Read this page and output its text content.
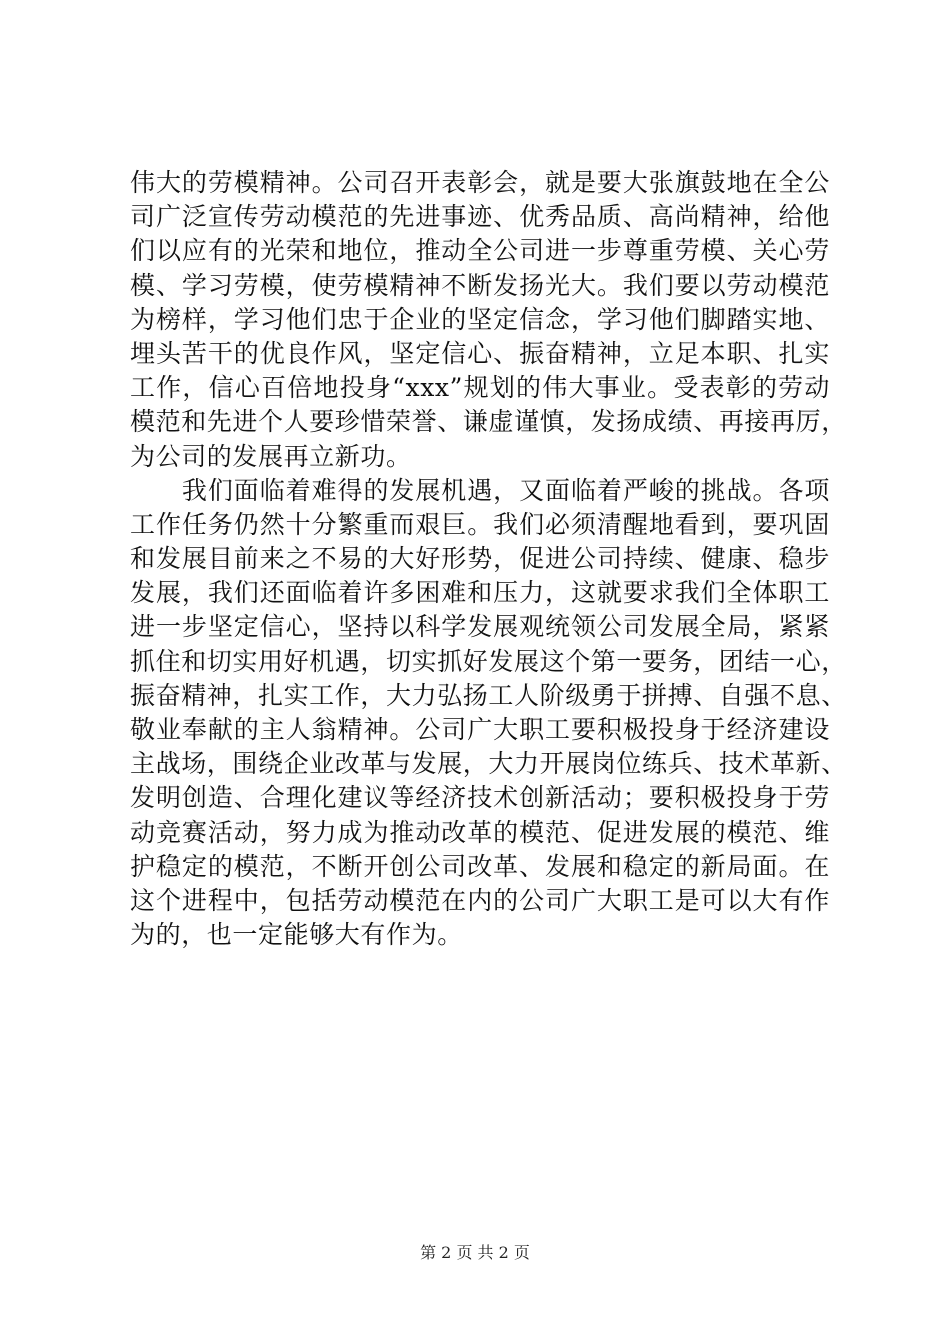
伟大的劳模精神。公司召开表彰会，就是要大张旗鼓地在全公
司广泛宣传劳动模范的先进事迹、优秀品质、高尚精神，给他
们以应有的光荣和地位，推动全公司进一步尊重劳模、关心劳
模、学习劳模，使劳模精神不断发扬光大。我们要以劳动模范
为榜样，学习他们忠于企业的坚定信念，学习他们脚踏实地、
埋头苦干的优良作风，坚定信心、振奋精神，立足本职、扎实
工作，信心百倍地投身“xxx”规划的伟大事业。受表彰的劳动
模范和先进个人要珍惜荣誉、谦虚谨慎，发扬成绩、再接再厉，
为公司的发展再立新功。
　　我们面临着难得的发展机遇，又面临着严峻的挑战。各项
工作任务仍然十分繁重而艰巨。我们必须清醒地看到，要巩固
和发展目前来之不易的大好形势，促进公司持续、健康、稳步
发展，我们还面临着许多困难和压力，这就要求我们全体职工
进一步坚定信心，坚持以科学发展观统领公司发展全局，紧紧
抓住和切实用好机遇，切实抓好发展这个第一要务，团结一心，
振奋精神，扎实工作，大力弘扬工人阶级勇于拼搏、自强不息、
敬业奉献的主人翁精神。公司广大职工要积极投身于经济建设
主战场，围绕企业改革与发展，大力开展岗位练兵、技术革新、
发明创造、合理化建议等经济技术创新活动；要积极投身于劳
动竞赛活动，努力成为推动改革的模范、促进发展的模范、维
护稳定的模范，不断开创公司改革、发展和稳定的新局面。在
这个进程中，包括劳动模范在内的公司广大职工是可以大有作
为的，也一定能够大有作为。
第 2 页 共 2 页
